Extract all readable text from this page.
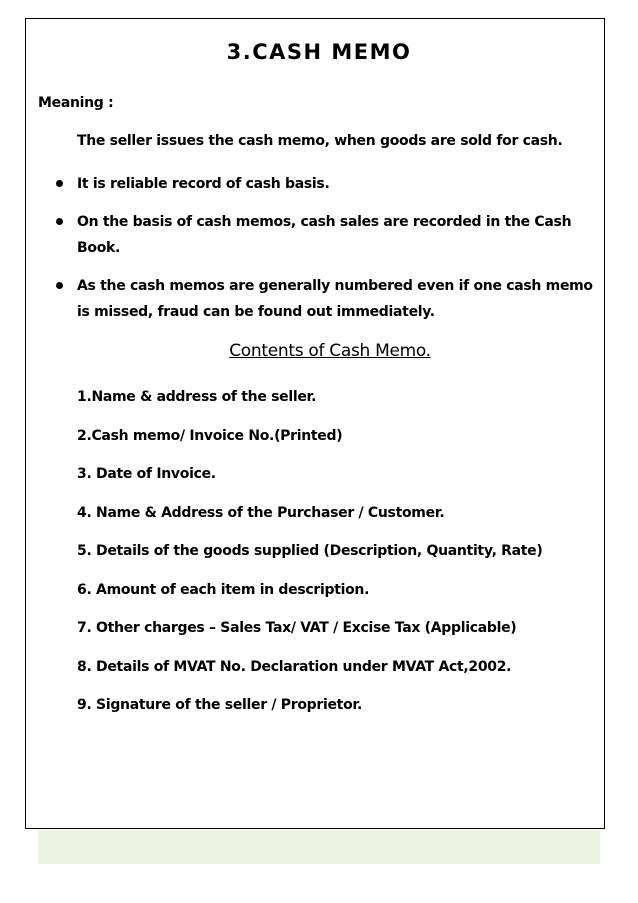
3.CASH MEMO
Meaning :
The seller issues the cash memo, when goods are sold for cash.
It is reliable record of cash basis.
On the basis of cash memos, cash sales are recorded in the Cash Book.
As the cash memos are generally numbered even if one cash memo is missed, fraud can be found out immediately.
Contents of Cash Memo.
1.Name & address of the seller.
2.Cash memo/ Invoice No.(Printed)
3. Date of Invoice.
4. Name & Address of the Purchaser / Customer.
5. Details of the goods supplied (Description, Quantity, Rate)
6. Amount of each item in description.
7. Other charges – Sales Tax/ VAT / Excise Tax (Applicable)
8. Details of MVAT No. Declaration under MVAT Act,2002.
9. Signature of the seller / Proprietor.
